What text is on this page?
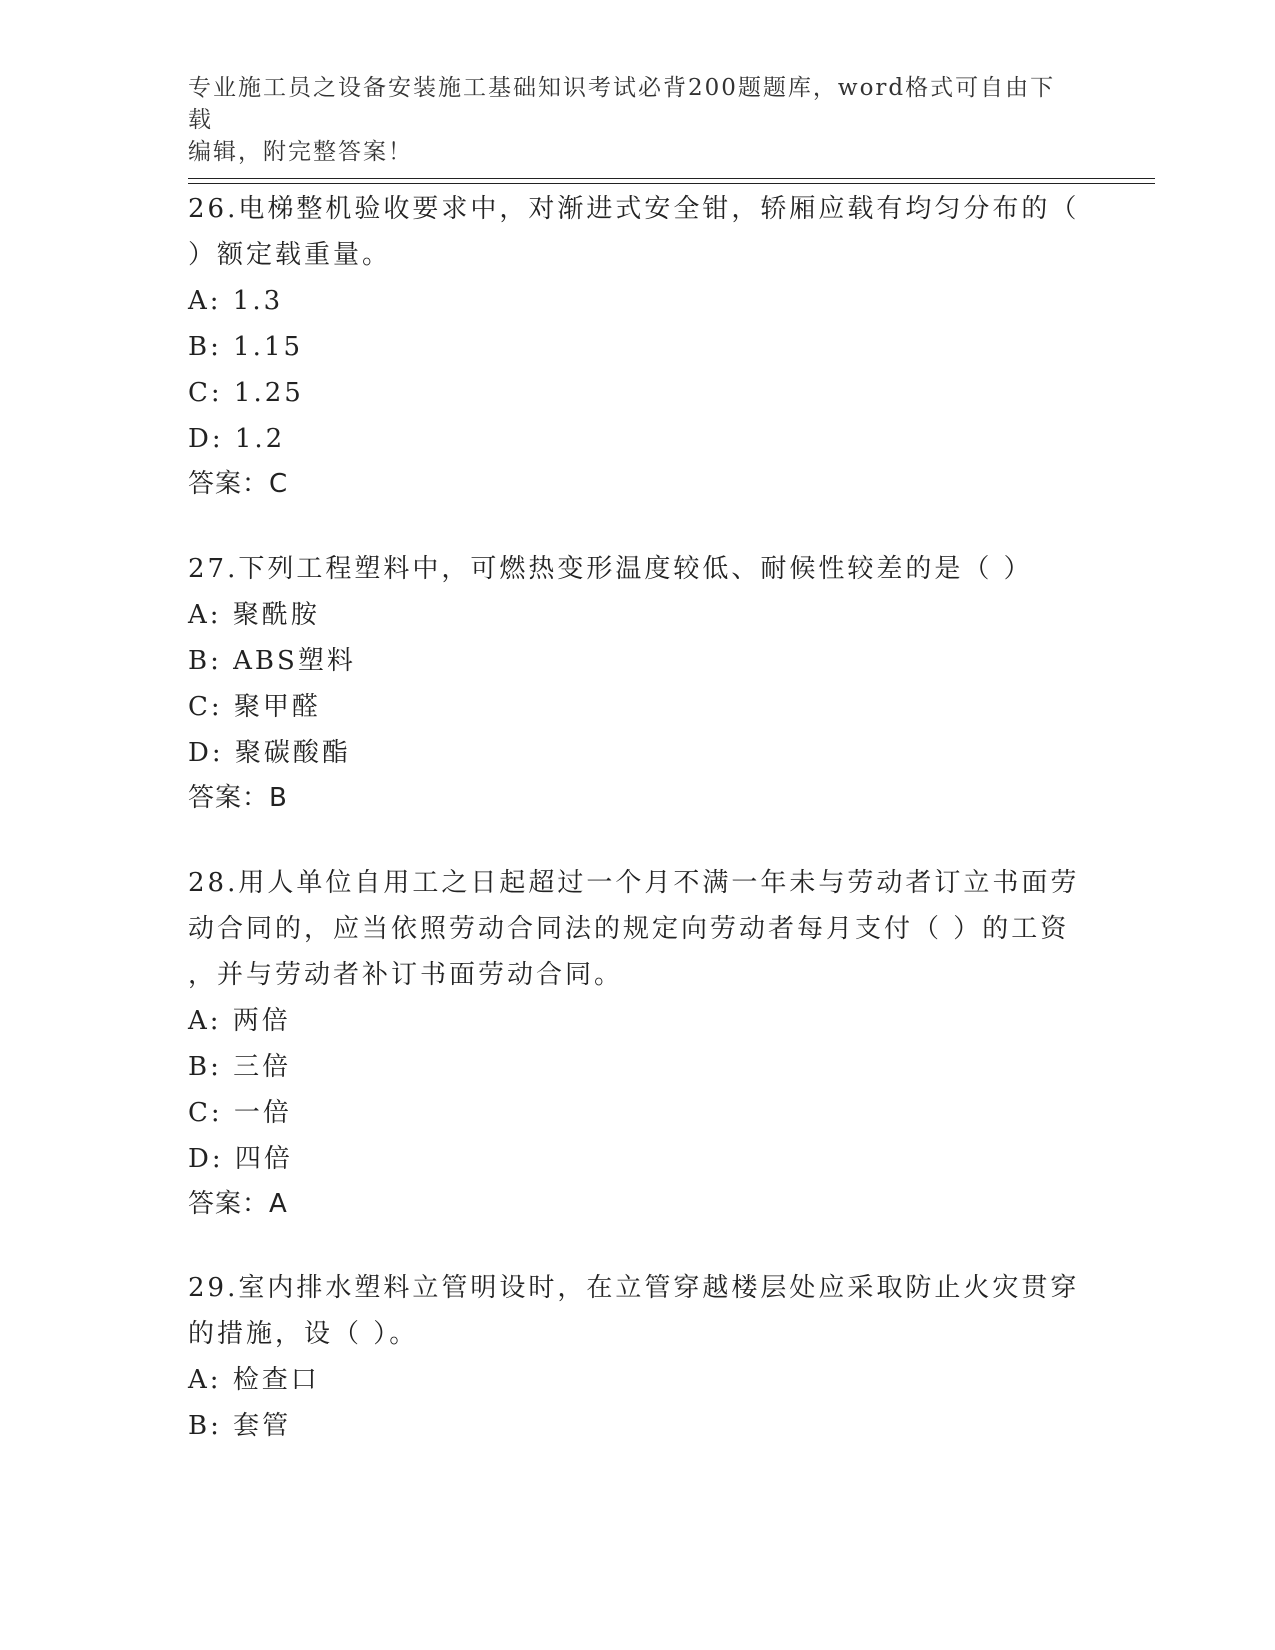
专业施工员之设备安装施工基础知识考试必背200题题库，word格式可自由下载
编辑，附完整答案！
26.电梯整机验收要求中，对渐进式安全钳，轿厢应载有均匀分布的（
）额定载重量。
A: 1.3
B: 1.15
C: 1.25
D: 1.2
答案：C
27.下列工程塑料中，可燃热变形温度较低、耐候性较差的是（ ）
A: 聚酰胺
B: ABS塑料
C: 聚甲醛
D: 聚碳酸酯
答案：B
28.用人单位自用工之日起超过一个月不满一年未与劳动者订立书面劳
动合同的，应当依照劳动合同法的规定向劳动者每月支付（ ）的工资
，并与劳动者补订书面劳动合同。
A: 两倍
B: 三倍
C: 一倍
D: 四倍
答案：A
29.室内排水塑料立管明设时，在立管穿越楼层处应采取防止火灾贯穿
的措施，设（ ）。
A: 检查口
B: 套管
